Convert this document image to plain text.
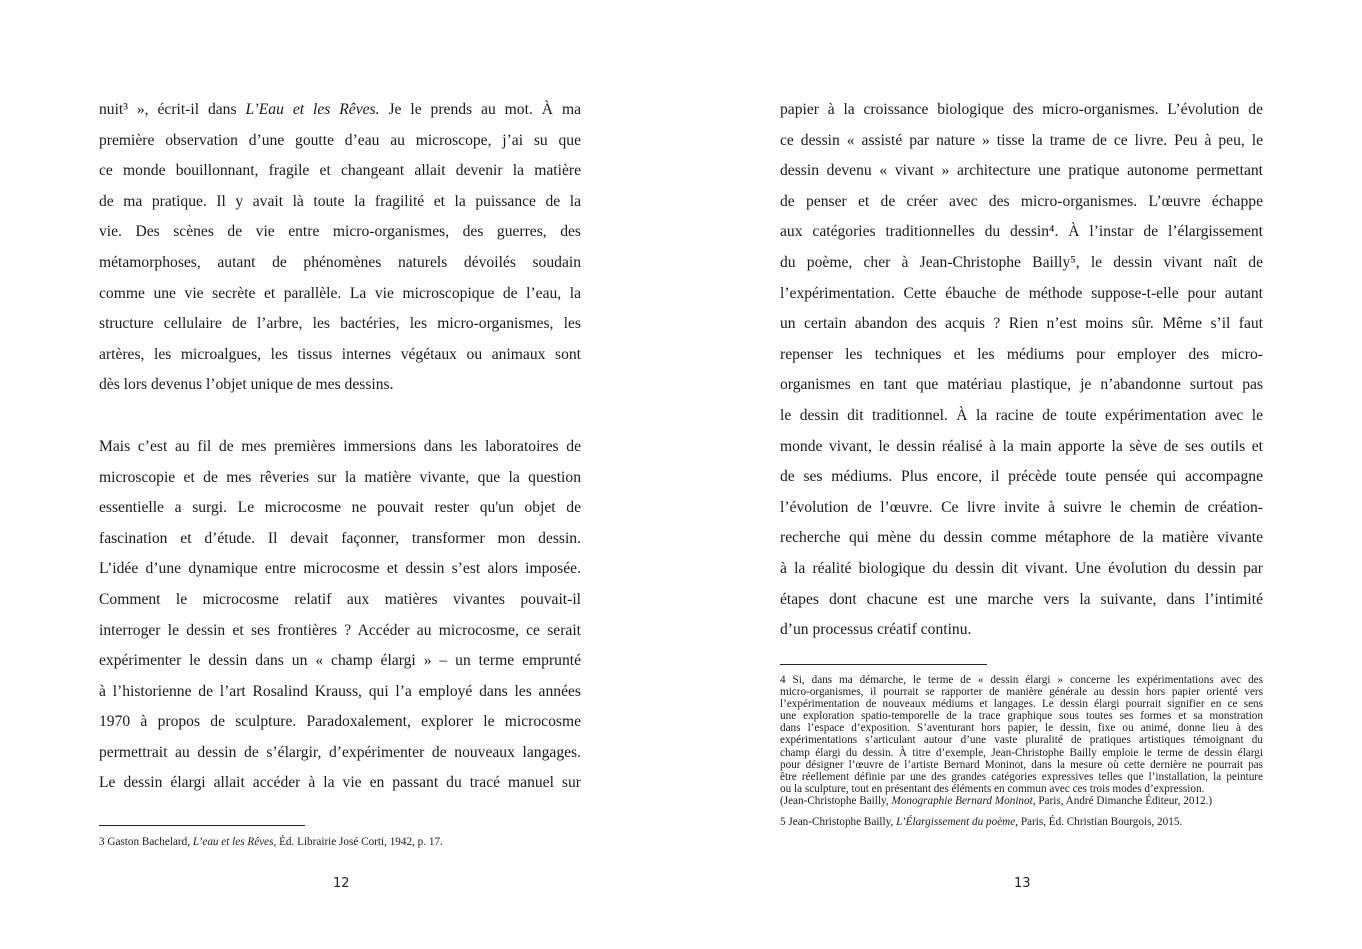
nuit³ », écrit-il dans L’Eau et les Rêves. Je le prends au mot. À ma
première observation d’une goutte d’eau au microscope, j’ai su que
ce monde bouillonnant, fragile et changeant allait devenir la matière
de ma pratique. Il y avait là toute la fragilité et la puissance de la
vie. Des scènes de vie entre micro-organismes, des guerres, des
métamorphoses, autant de phénomènes naturels dévoilés soudain
comme une vie secrète et parallèle. La vie microscopique de l’eau, la
structure cellulaire de l’arbre, les bactéries, les micro-organismes, les
artères, les microalgues, les tissus internes végétaux ou animaux sont
dès lors devenus l’objet unique de mes dessins.
Mais c’est au fil de mes premières immersions dans les laboratoires de
microscopie et de mes rêveries sur la matière vivante, que la question
essentielle a surgi. Le microcosme ne pouvait rester qu'un objet de
fascination et d’étude. Il devait façonner, transformer mon dessin.
L’idée d’une dynamique entre microcosme et dessin s’est alors imposée.
Comment le microcosme relatif aux matières vivantes pouvait-il
interroger le dessin et ses frontières ? Accéder au microcosme, ce serait
expérimenter le dessin dans un « champ élargi » – un terme emprunté
à l’historienne de l’art Rosalind Krauss, qui l’a employé dans les années
1970 à propos de sculpture. Paradoxalement, explorer le microcosme
permettrait au dessin de s’élargir, d’expérimenter de nouveaux langages.
Le dessin élargi allait accéder à la vie en passant du tracé manuel sur
3 Gaston Bachelard, L’eau et les Rêves, Éd. Librairie José Corti, 1942, p. 17.
12
papier à la croissance biologique des micro-organismes. L’évolution de
ce dessin « assisté par nature » tisse la trame de ce livre. Peu à peu, le
dessin devenu « vivant » architecture une pratique autonome permettant
de penser et de créer avec des micro-organismes. L’œuvre échappe
aux catégories traditionnelles du dessin⁴. À l’instar de l’élargissement
du poème, cher à Jean-Christophe Bailly⁵, le dessin vivant naît de
l’expérimentation. Cette ébauche de méthode suppose-t-elle pour autant
un certain abandon des acquis ? Rien n’est moins sûr. Même s’il faut
repenser les techniques et les médiums pour employer des micro-
organismes en tant que matériau plastique, je n’abandonne surtout pas
le dessin dit traditionnel. À la racine de toute expérimentation avec le
monde vivant, le dessin réalisé à la main apporte la sève de ses outils et
de ses médiums. Plus encore, il précède toute pensée qui accompagne
l’évolution de l’œuvre. Ce livre invite à suivre le chemin de création-
recherche qui mène du dessin comme métaphore de la matière vivante
à la réalité biologique du dessin dit vivant. Une évolution du dessin par
étapes dont chacune est une marche vers la suivante, dans l’intimité
d’un processus créatif continu.
4 Si, dans ma démarche, le terme de « dessin élargi » concerne les expérimentations avec des
micro-organismes, il pourrait se rapporter de manière générale au dessin hors papier orienté vers
l’expérimentation de nouveaux médiums et langages. Le dessin élargi pourrait signifier en ce sens
une exploration spatio-temporelle de la trace graphique sous toutes ses formes et sa monstration
dans l’espace d’exposition. S’aventurant hors papier, le dessin, fixe ou animé, donne lieu à des
expérimentations s’articulant autour d’une vaste pluralité de pratiques artistiques témoignant du
champ élargi du dessin. À titre d’exemple, Jean-Christophe Bailly emploie le terme de dessin élargi
pour désigner l’œuvre de l’artiste Bernard Moninot, dans la mesure où cette dernière ne pourrait pas
être réellement définie par une des grandes catégories expressives telles que l’installation, la peinture
ou la sculpture, tout en présentant des éléments en commun avec ces trois modes d’expression.
(Jean-Christophe Bailly, Monographie Bernard Moninot, Paris, André Dimanche Éditeur, 2012.)
5 Jean-Christophe Bailly, L’Élargissement du poème, Paris, Éd. Christian Bourgois, 2015.
13
